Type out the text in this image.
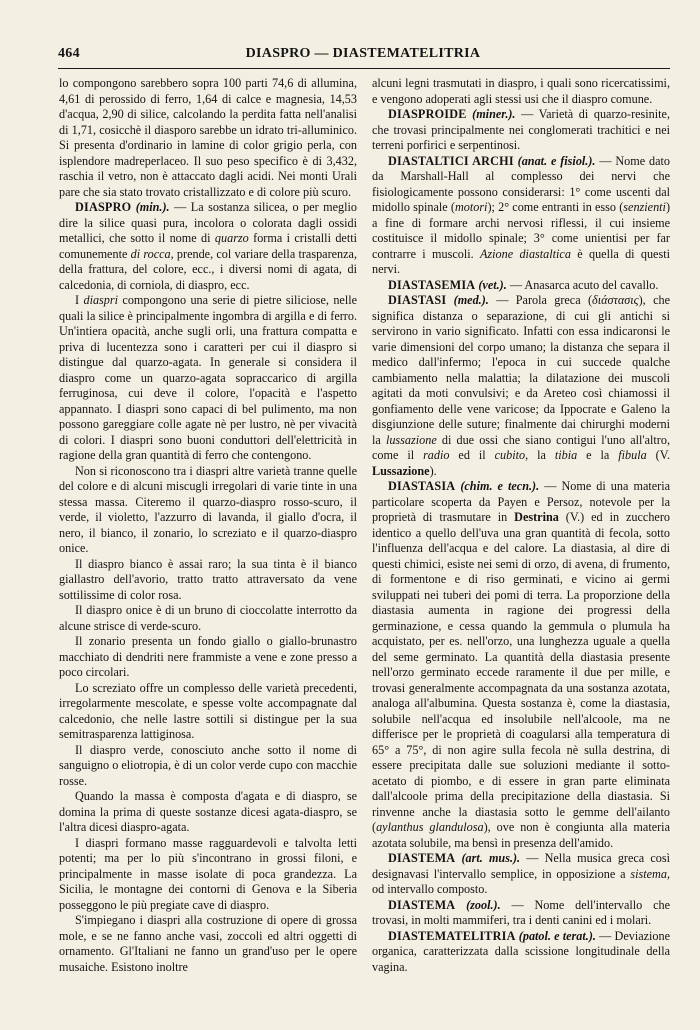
464	DIASPRO — DIASTEMATELITRIA

lo compongono sarebbero sopra 100 parti 74,6 di allumina, 4,61 di perossido di ferro, 1,64 di calce e magnesia, 14,53 d'acqua, 2,90 di silice, calcolando la perdita fatta nell'analisi di 1,71, cosicchè il diasporo sarebbe un idrato tri-alluminico. Si presenta d'ordinario in lamine di color grigio perla, con isplendore madreperlaceo. Il suo peso specifico è di 3,432, raschia il vetro, non è attaccato dagli acidi. Nei monti Urali pare che sia stato trovato cristallizzato e di colore più scuro.

DIASPRO (min.). — La sostanza silicea, o per meglio dire la silice quasi pura, incolora o colorata dagli ossidi metallici, che sotto il nome di quarzo forma i cristalli detti comunemente di rocca, prende, col variare della trasparenza, della frattura, del colore, ecc., i diversi nomi di agata, di calcedonia, di corniola, di diaspro, ecc.

I diaspri compongono una serie di pietre siliciose, nelle quali la silice è principalmente ingombra di argilla e di ferro. Un'intiera opacità, anche sugli orli, una frattura compatta e priva di lucentezza sono i caratteri per cui il diaspro si distingue dal quarzo-agata. In generale si considera il diaspro come un quarzo-agata sopraccarico di argilla ferruginosa, cui deve il colore, l'opacità e l'aspetto appannato. I diaspri sono capaci di bel pulimento, ma non possono gareggiare colle agate nè per lustro, nè per vivacità di colori. I diaspri sono buoni conduttori dell'elettricità in ragione della gran quantità di ferro che contengono.

Non si riconoscono tra i diaspri altre varietà tranne quelle del colore e di alcuni miscugli irregolari di varie tinte in una stessa massa. Citeremo il quarzo-diaspro rosso-scuro, il verde, il violetto, l'azzurro di lavanda, il giallo d'ocra, il nero, il bianco, il zonario, lo screziato e il quarzo-diaspro onice.

Il diaspro bianco è assai raro; la sua tinta è il bianco giallastro dell'avorio, tratto tratto attraversato da vene sottilissime di color rosa.

Il diaspro onice è di un bruno di cioccolatte interrotto da alcune strisce di verde-scuro.

Il zonario presenta un fondo giallo o giallo-brunastro macchiato di dendriti nere frammiste a vene e zone presso a poco circolari.

Lo screziato offre un complesso delle varietà precedenti, irregolarmente mescolate, e spesse volte accompagnate dal calcedonio, che nelle lastre sottili si distingue per la sua semitrasparenza lattiginosa.

Il diaspro verde, conosciuto anche sotto il nome di sanguigno o eliotropia, è di un color verde cupo con macchie rosse.

Quando la massa è composta d'agata e di diaspro, se domina la prima di queste sostanze dicesi agata-diaspro, se l'altra dicesi diaspro-agata.

I diaspri formano masse ragguardevoli e talvolta letti potenti; ma per lo più s'incontrano in grossi filoni, e principalmente in masse isolate di poca grandezza. La Sicilia, le montagne dei contorni di Genova e la Siberia posseggono le più pregiate cave di diaspro.

S'impiegano i diaspri alla costruzione di opere di grossa mole, e se ne fanno anche vasi, zoccoli ed altri oggetti di ornamento. Gl'Italiani ne fanno un grand'uso per le opere musaiche. Esistono inoltre

alcuni legni trasmutati in diaspro, i quali sono ricercatissimi, e vengono adoperati agli stessi usi che il diaspro comune.

DIASPROIDE (miner.). — Varietà di quarzo-resinite, che trovasi principalmente nei conglomerati trachitici e nei terreni porfirici e serpentinosi.

DIASTALTICI ARCHI (anat. e fisiol.). — Nome dato da Marshall-Hall al complesso dei nervi che fisiologicamente possono considerarsi: 1° come uscenti dal midollo spinale (motori); 2° come entranti in esso (senzienti) a fine di formare archi nervosi riflessi, il cui insieme costituisce il midollo spinale; 3° come unientisi per far contrarre i muscoli. Azione diastaltica è quella di questi nervi.

DIASTASEMIA (vet.). — Anasarca acuto del cavallo.

DIASTASI (med.). — Parola greca (διάστασις), che significa distanza o separazione, di cui gli antichi si servirono in vario significato. Infatti con essa indicaronsi le varie dimensioni del corpo umano; la distanza che separa il medico dall'infermo; l'epoca in cui succede qualche cambiamento nella malattia; la dilatazione dei muscoli agitati da moti convulsivi; e da Areteo così chiamossi il gonfiamento delle vene varicose; da Ippocrate e Galeno la disgiunzione delle suture; finalmente dai chirurghi moderni la lussazione di due ossi che siano contigui l'uno all'altro, come il radio ed il cubito, la tibia e la fibula (V. Lussazione).

DIASTASIA (chim. e tecn.). — Nome di una materia particolare scoperta da Payen e Persoz, notevole per la proprietà di trasmutare in Destrina (V.) ed in zucchero identico a quello dell'uva una gran quantità di fecola, sotto l'influenza dell'acqua e del calore. La diastasia, al dire di questi chimici, esiste nei semi di orzo, di avena, di frumento, di formentone e di riso germinati, e vicino ai germi sviluppati nei tuberi dei pomi di terra. La proporzione della diastasia aumenta in ragione dei progressi della germinazione, e cessa quando la gemmula o plumula ha acquistato, per es. nell'orzo, una lunghezza uguale a quella del seme germinato. La quantità della diastasia presente nell'orzo germinato eccede raramente il due per mille, e trovasi generalmente accompagnata da una sostanza azotata, analoga all'albumina. Questa sostanza è, come la diastasia, solubile nell'acqua ed insolubile nell'alcoole, ma ne differisce per le proprietà di coagularsi alla temperatura di 65° a 75°, di non agire sulla fecola nè sulla destrina, di essere precipitata dalle sue soluzioni mediante il sotto-acetato di piombo, e di essere in gran parte eliminata dall'alcoole prima della precipitazione della diastasia. Si rinvenne anche la diastasia sotto le gemme dell'ailanto (aylanthus glandulosa), ove non è congiunta alla materia azotata solubile, ma bensì in presenza dell'amido.

DIASTEMA (art. mus.). — Nella musica greca così designavasi l'intervallo semplice, in opposizione a sistema, od intervallo composto.

DIASTEMA (zool.). — Nome dell'intervallo che trovasi, in molti mammiferi, tra i denti canini ed i molari.

DIASTEMATELITRIA (patol. e terat.). — Deviazione organica, caratterizzata dalla scissione longitudinale della vagina.
